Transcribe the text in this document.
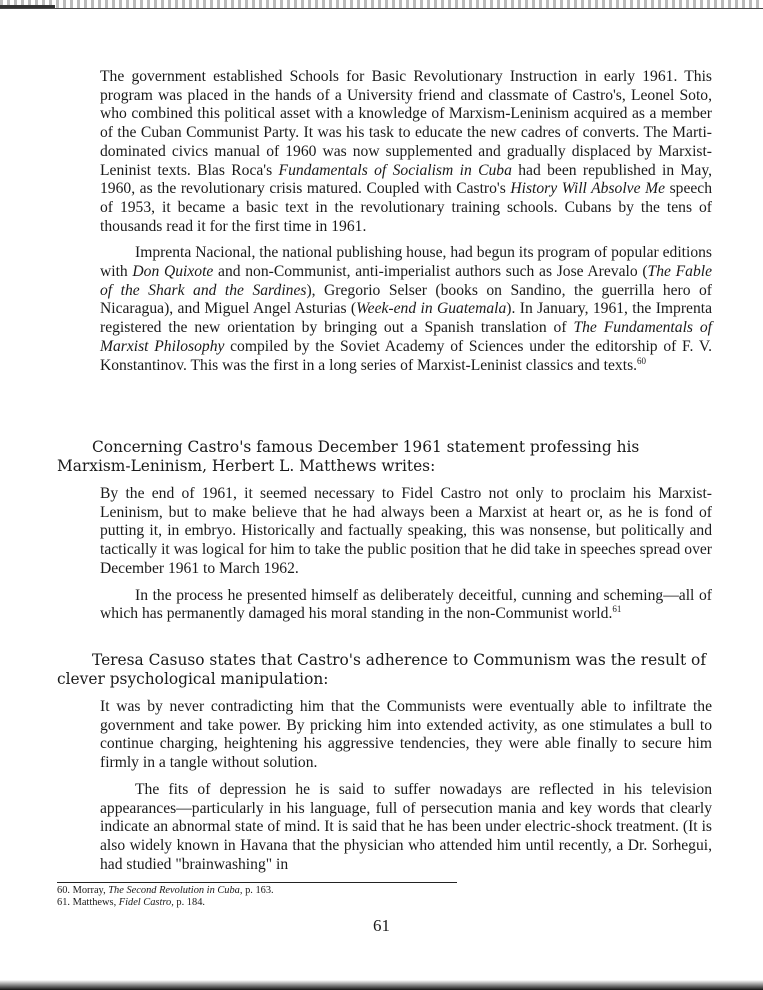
The government established Schools for Basic Revolutionary Instruction in early 1961. This program was placed in the hands of a University friend and classmate of Castro's, Leonel Soto, who combined this political asset with a knowledge of Marxism-Leninism acquired as a member of the Cuban Communist Party. It was his task to educate the new cadres of converts. The Marti-dominated civics manual of 1960 was now supplemented and gradually displaced by Marxist-Leninist texts. Blas Roca's Fundamentals of Socialism in Cuba had been republished in May, 1960, as the revolutionary crisis matured. Coupled with Castro's History Will Absolve Me speech of 1953, it became a basic text in the revolutionary training schools. Cubans by the tens of thousands read it for the first time in 1961.

Imprenta Nacional, the national publishing house, had begun its program of popular editions with Don Quixote and non-Communist, anti-imperialist authors such as Jose Arevalo (The Fable of the Shark and the Sardines), Gregorio Selser (books on Sandino, the guerrilla hero of Nicaragua), and Miguel Angel Asturias (Week-end in Guatemala). In January, 1961, the Imprenta registered the new orientation by bringing out a Spanish translation of The Fundamentals of Marxist Philosophy compiled by the Soviet Academy of Sciences under the editorship of F. V. Konstantinov. This was the first in a long series of Marxist-Leninist classics and texts.$^{60}$

Concerning Castro's famous December 1961 statement professing his Marxism-Leninism, Herbert L. Matthews writes:

By the end of 1961, it seemed necessary to Fidel Castro not only to proclaim his Marxist-Leninism, but to make believe that he had always been a Marxist at heart or, as he is fond of putting it, in embryo. Historically and factually speaking, this was nonsense, but politically and tactically it was logical for him to take the public position that he did take in speeches spread over December 1961 to March 1962.

In the process he presented himself as deliberately deceitful, cunning and scheming—all of which has permanently damaged his moral standing in the non-Communist world.$^{61}$

Teresa Casuso states that Castro's adherence to Communism was the result of clever psychological manipulation:

It was by never contradicting him that the Communists were eventually able to infiltrate the government and take power. By pricking him into extended activity, as one stimulates a bull to continue charging, heightening his aggressive tendencies, they were able finally to secure him firmly in a tangle without solution.

The fits of depression he is said to suffer nowadays are reflected in his television appearances—particularly in his language, full of persecution mania and key words that clearly indicate an abnormal state of mind. It is said that he has been under electric-shock treatment. (It is also widely known in Havana that the physician who attended him until recently, a Dr. Sorhegui, had studied "brainwashing" in

60. Morray, The Second Revolution in Cuba, p. 163.
61. Matthews, Fidel Castro, p. 184.
61
